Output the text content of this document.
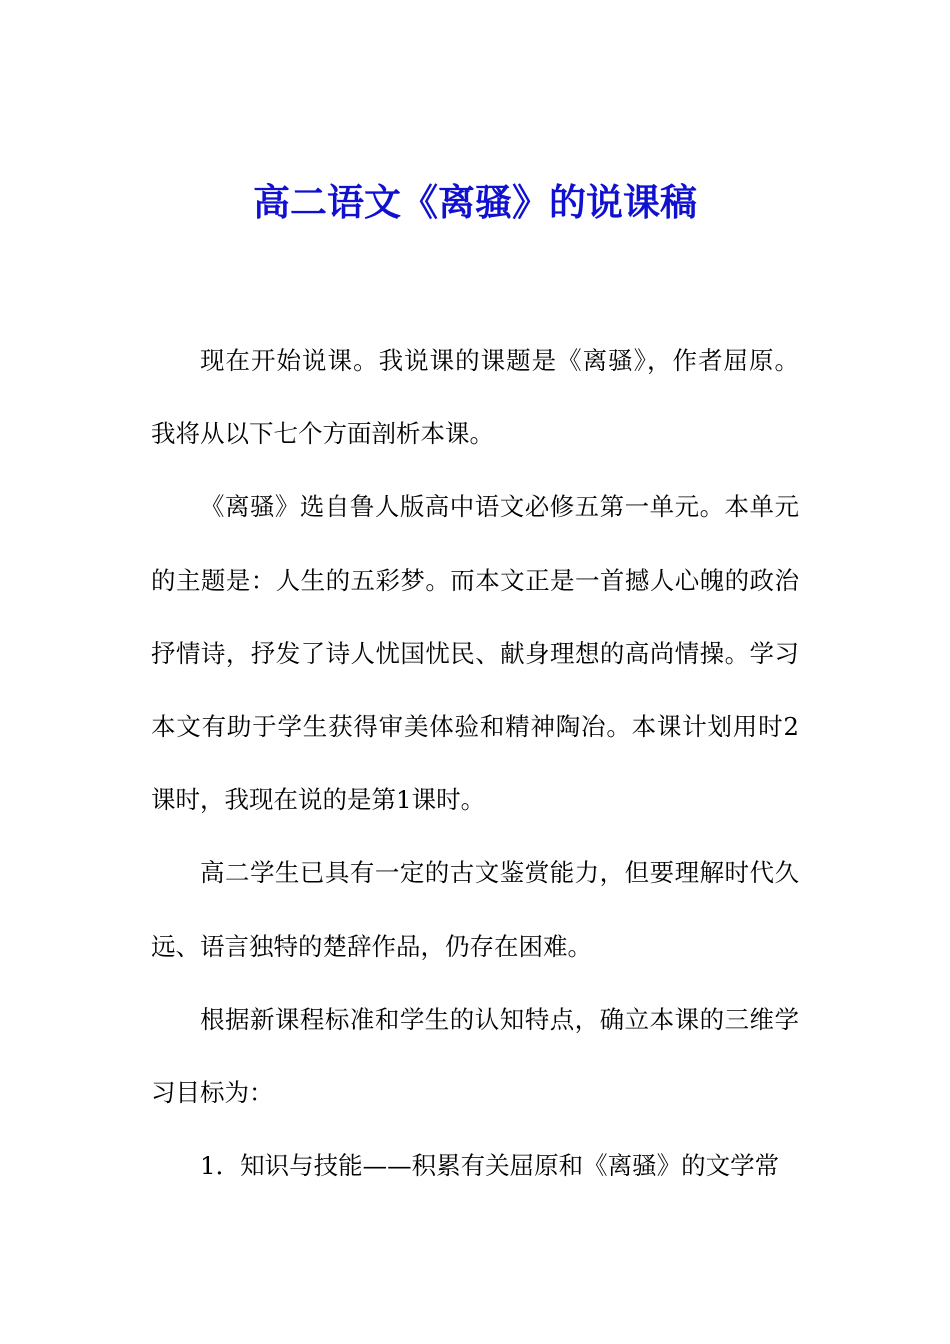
高二语文《离骚》的说课稿

现在开始说课。我说课的课题是《离骚》，作者屈原。我将从以下七个方面剖析本课。

《离骚》选自鲁人版高中语文必修五第一单元。本单元的主题是：人生的五彩梦。而本文正是一首撼人心魄的政治抒情诗，抒发了诗人忧国忧民、献身理想的高尚情操。学习本文有助于学生获得审美体验和精神陶冶。本课计划用时2课时，我现在说的是第1课时。

高二学生已具有一定的古文鉴赏能力，但要理解时代久远、语言独特的楚辞作品，仍存在困难。

根据新课程标准和学生的认知特点，确立本课的三维学习目标为：

1．知识与技能——积累有关屈原和《离骚》的文学常
